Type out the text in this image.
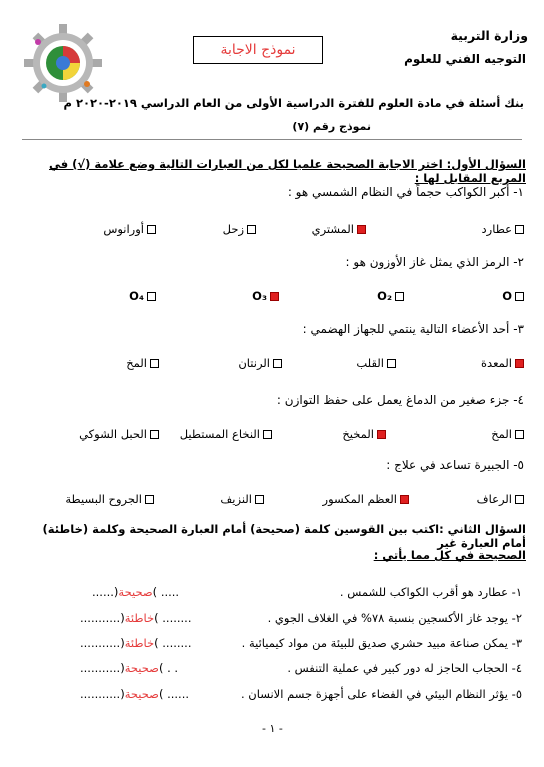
وزارة التربية
التوجيه الفني للعلوم
نموذج الاجابة
بنك أسئلة في مادة العلوم للفترة الدراسية الأولى من العام الدراسي ٢٠١٩-٢٠٢٠ م
نموذج رقم (٧)
السؤال الأول: اختر الاجابة الصحيحة علميا لكل من العبارات التالية وضع علامة (√) في المربع المقابل لها :
١- أكبر الكواكب حجماً في النظام الشمسي هو :
عطارد
المشتري
زحل
أورانوس
٢- الرمز الذي يمثل غاز الأوزون هو :
O
O₂
O₃
O₄
٣- أحد الأعضاء التالية ينتمي للجهاز الهضمي :
المعدة
القلب
الرنتان
المخ
٤- جزء صغير من الدماغ يعمل على حفظ التوازن :
المخ
المخيخ
النخاع المستطيل
الحبل الشوكي
٥- الجبيرة تساعد في علاج :
الرعاف
العظم المكسور
النزيف
الجروح البسيطة
السؤال الثاني :اكتب بين القوسين كلمة (صحيحة) أمام العبارة الصحيحة وكلمة (خاطئة) أمام العبارة غير
الصحيحة في كل مما يأتي :
١- عطارد هو أقرب الكواكب للشمس .
......)صحيحة( .....
٢- يوجد غاز الأكسجين بنسبة ٧٨% في الغلاف الجوي .
...........)خاطئة( ........
٣- يمكن صناعة مبيد حشري صديق للبيئة من مواد كيميائية .
...........)خاطئة( ........
٤- الحجاب الحاجز له دور كبير في عملية التنفس .
...........)صحيحة( . .
٥- يؤثر النظام البيئي في الفضاء على أجهزة جسم الانسان .
...........)صحيحة( ......
- ١ -
